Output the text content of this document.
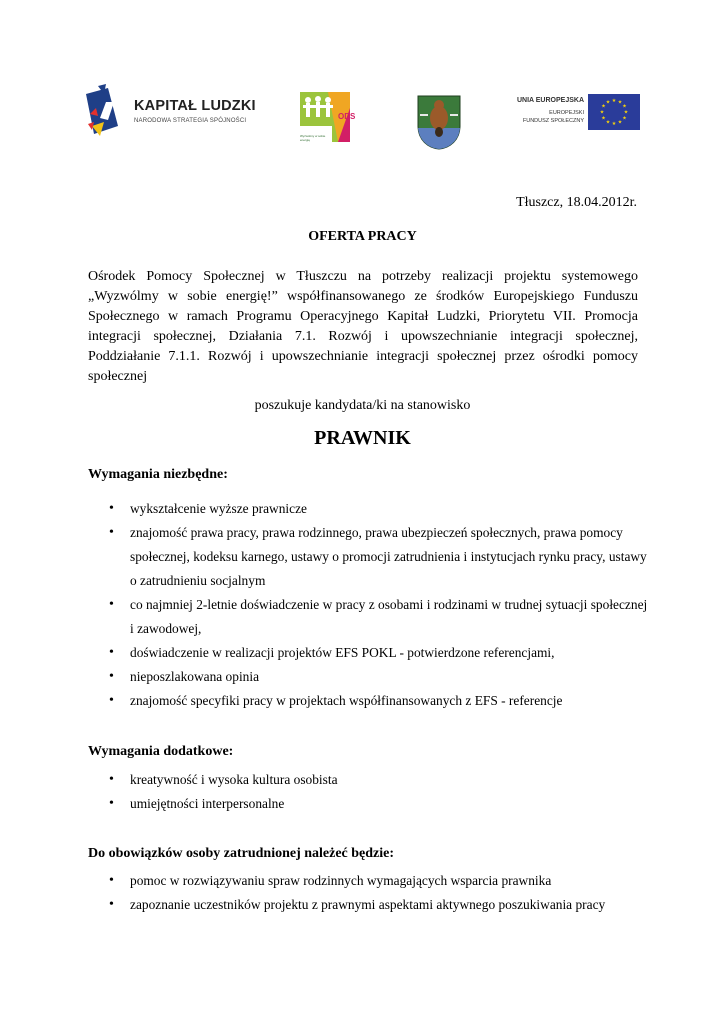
KAPITAŁ LUDZKI
NARODOWA STRATEGIA SPÓJNOŚCI	ODS
Wyzwólmy w sobie energię
UNIA EUROPEJSKA
EUROPEJSKI
FUNDUSZ SPOŁECZNY
★ ★
★
★
★
★
★
★
★
★
★
★
Tłuszcz, 18.04.2012r.
OFERTA PRACY

Ośrodek Pomocy Społecznej w Tłuszczu na potrzeby realizacji projektu systemowego „Wyzwólmy w sobie energię!” współfinansowanego ze środków Europejskiego Funduszu Społecznego w ramach Programu Operacyjnego Kapitał Ludzki, Priorytetu VII. Promocja integracji społecznej, Działania 7.1. Rozwój i upowszechnianie integracji społecznej, Poddziałanie 7.1.1. Rozwój i upowszechnianie integracji społecznej przez ośrodki pomocy społecznej

poszukuje kandydata/ki na stanowisko
PRAWNIK
Wymagania niezbędne:
• wykształcenie wyższe prawnicze
• znajomość prawa pracy, prawa rodzinnego, prawa ubezpieczeń społecznych, prawa pomocy społecznej, kodeksu karnego, ustawy o promocji zatrudnienia i instytucjach rynku pracy, ustawy o zatrudnieniu socjalnym
• co najmniej 2-letnie doświadczenie w pracy z osobami i rodzinami w trudnej sytuacji społecznej i zawodowej,
• doświadczenie w realizacji projektów EFS POKL - potwierdzone referencjami,
• nieposzlakowana opinia
• znajomość specyfiki pracy w projektach współfinansowanych z EFS - referencje
Wymagania dodatkowe:
• kreatywność i wysoka kultura osobista
• umiejętności interpersonalne
Do obowiązków osoby zatrudnionej należeć będzie:
• pomoc w rozwiązywaniu spraw rodzinnych wymagających wsparcia prawnika
• zapoznanie uczestników projektu z prawnymi aspektami aktywnego poszukiwania pracy
